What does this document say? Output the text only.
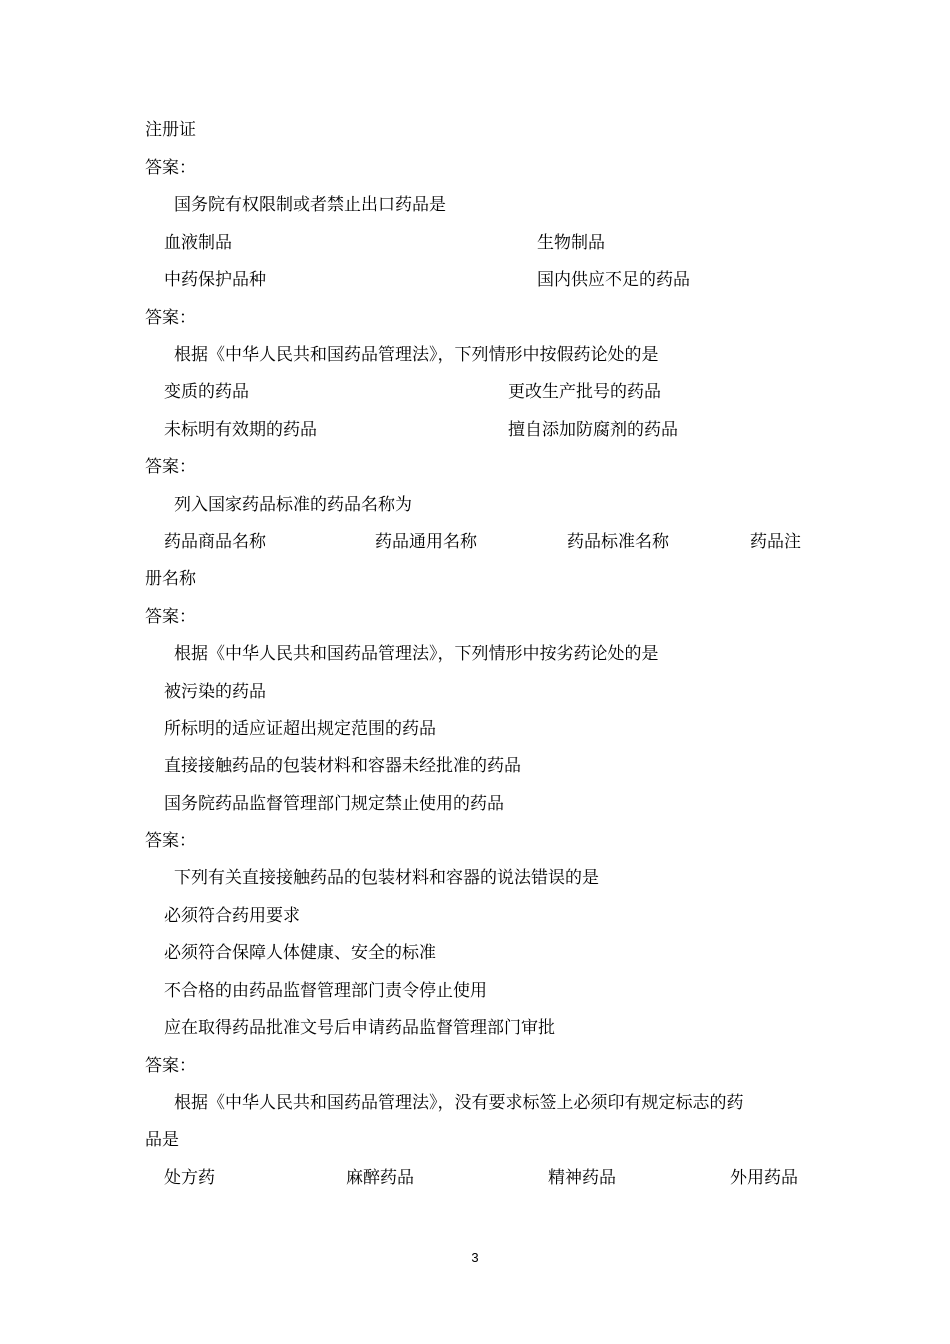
注册证
答案：
国务院有权限制或者禁止出口药品是
血液制品	生物制品
中药保护品种	国内供应不足的药品
答案：
根据《中华人民共和国药品管理法》，下列情形中按假药论处的是
变质的药品	更改生产批号的药品
未标明有效期的药品	擅自添加防腐剂的药品
答案：
列入国家药品标准的药品名称为
药品商品名称	药品通用名称	药品标准名称	药品注
册名称
答案：
根据《中华人民共和国药品管理法》，下列情形中按劣药论处的是
被污染的药品
所标明的适应证超出规定范围的药品
直接接触药品的包装材料和容器未经批准的药品
国务院药品监督管理部门规定禁止使用的药品
答案：
下列有关直接接触药品的包装材料和容器的说法错误的是
必须符合药用要求
必须符合保障人体健康、安全的标准
不合格的由药品监督管理部门责令停止使用
应在取得药品批准文号后申请药品监督管理部门审批
答案：
根据《中华人民共和国药品管理法》，没有要求标签上必须印有规定标志的药
品是
处方药	麻醉药品	精神药品	外用药品
3
